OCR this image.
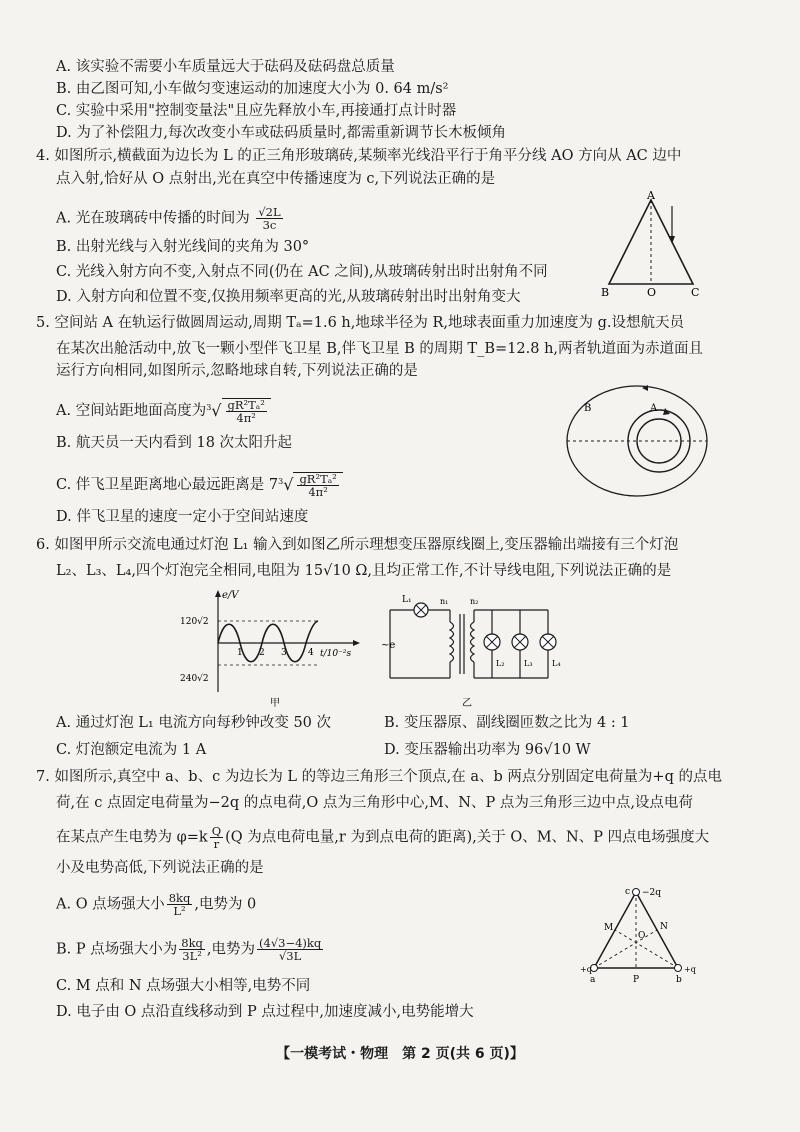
A. 该实验不需要小车质量远大于砝码及砝码盘总质量
B. 由乙图可知,小车做匀变速运动的加速度大小为 0. 64 m/s²
C. 实验中采用"控制变量法"且应先释放小车,再接通打点计时器
D. 为了补偿阻力,每次改变小车或砝码质量时,都需重新调节长木板倾角
4. 如图所示,横截面为边长为 L 的正三角形玻璃砖,某频率光线沿平行于角平分线 AO 方向从 AC 边中
点入射,恰好从 O 点射出,光在真空中传播速度为 c,下列说法正确的是
A. 光在玻璃砖中传播的时间为 $\frac{√2L}{3c}$
B. 出射光线与入射光线间的夹角为 30°
C. 光线入射方向不变,入射点不同(仍在 AC 之间),从玻璃砖射出时出射角不同
D. 入射方向和位置不变,仅换用频率更高的光,从玻璃砖射出时出射角变大
A
B	O	C
5. 空间站 A 在轨运行做圆周运动,周期 Tₐ=1.6 h,地球半径为 R,地球表面重力加速度为 g.设想航天员
在某次出舱活动中,放飞一颗小型伴飞卫星 B,伴飞卫星 B 的周期 T_B=12.8 h,两者轨道面为赤道面且
运行方向相同,如图所示,忽略地球自转,下列说法正确的是
A. 空间站距地面高度为$^3√ \frac{\text{gR²Tₐ²}}{\text{4π²}}$
B. 航天员一天内看到 18 次太阳升起
C. 伴飞卫星距离地心最远距离是 $7^3√ \frac{\text{gR²Tₐ²}}{\text{4π²}}$
D. 伴飞卫星的速度一定小于空间站速度
B	A
6. 如图甲所示交流电通过灯泡 L₁ 输入到如图乙所示理想变压器原线圈上,变压器输出端接有三个灯泡
L₂、L₃、L₄,四个灯泡完全相同,电阻为 15√10 Ω,且均正常工作,不计导线电阻,下列说法正确的是
e/V
120√2
240√2
1 2 3 4 t/10⁻²s
甲
L₁	n₁	n₂
~e
L₂ L₃ L₄
乙
A. 通过灯泡 L₁ 电流方向每秒钟改变 50 次	B. 变压器原、副线圈匝数之比为 4 : 1
C. 灯泡额定电流为 1 A	D. 变压器输出功率为 96√10 W
7. 如图所示,真空中 a、b、c 为边长为 L 的等边三角形三个顶点,在 a、b 两点分别固定电荷量为+q 的点电
荷,在 c 点固定电荷量为−2q 的点电荷,O 点为三角形中心,M、N、P 点为三角形三边中点,设点电荷
在某点产生电势为 $\varphi=k \frac{Q}{r} (Q$ 为点电荷电量,r 为到点电荷的距离),关于 O、M、N、P 四点电场强度大
小及电势高低,下列说法正确的是
A. O 点场强大小 $\frac{8kq}{\text{L²}}$ ,电势为 0
B. P 点场强大小为 $\frac{8kq}{\text{3L²}}$ ,电势为 $\frac{(4√3-4)kq}{√3L}$
C. M 点和 N 点场强大小相等,电势不同
D. 电子由 O 点沿直线移动到 P 点过程中,加速度减小,电势能增大
c −2q
M	N
O
P
a	b
+q	+q
【一模考试・物理　第 2 页(共 6 页)】
